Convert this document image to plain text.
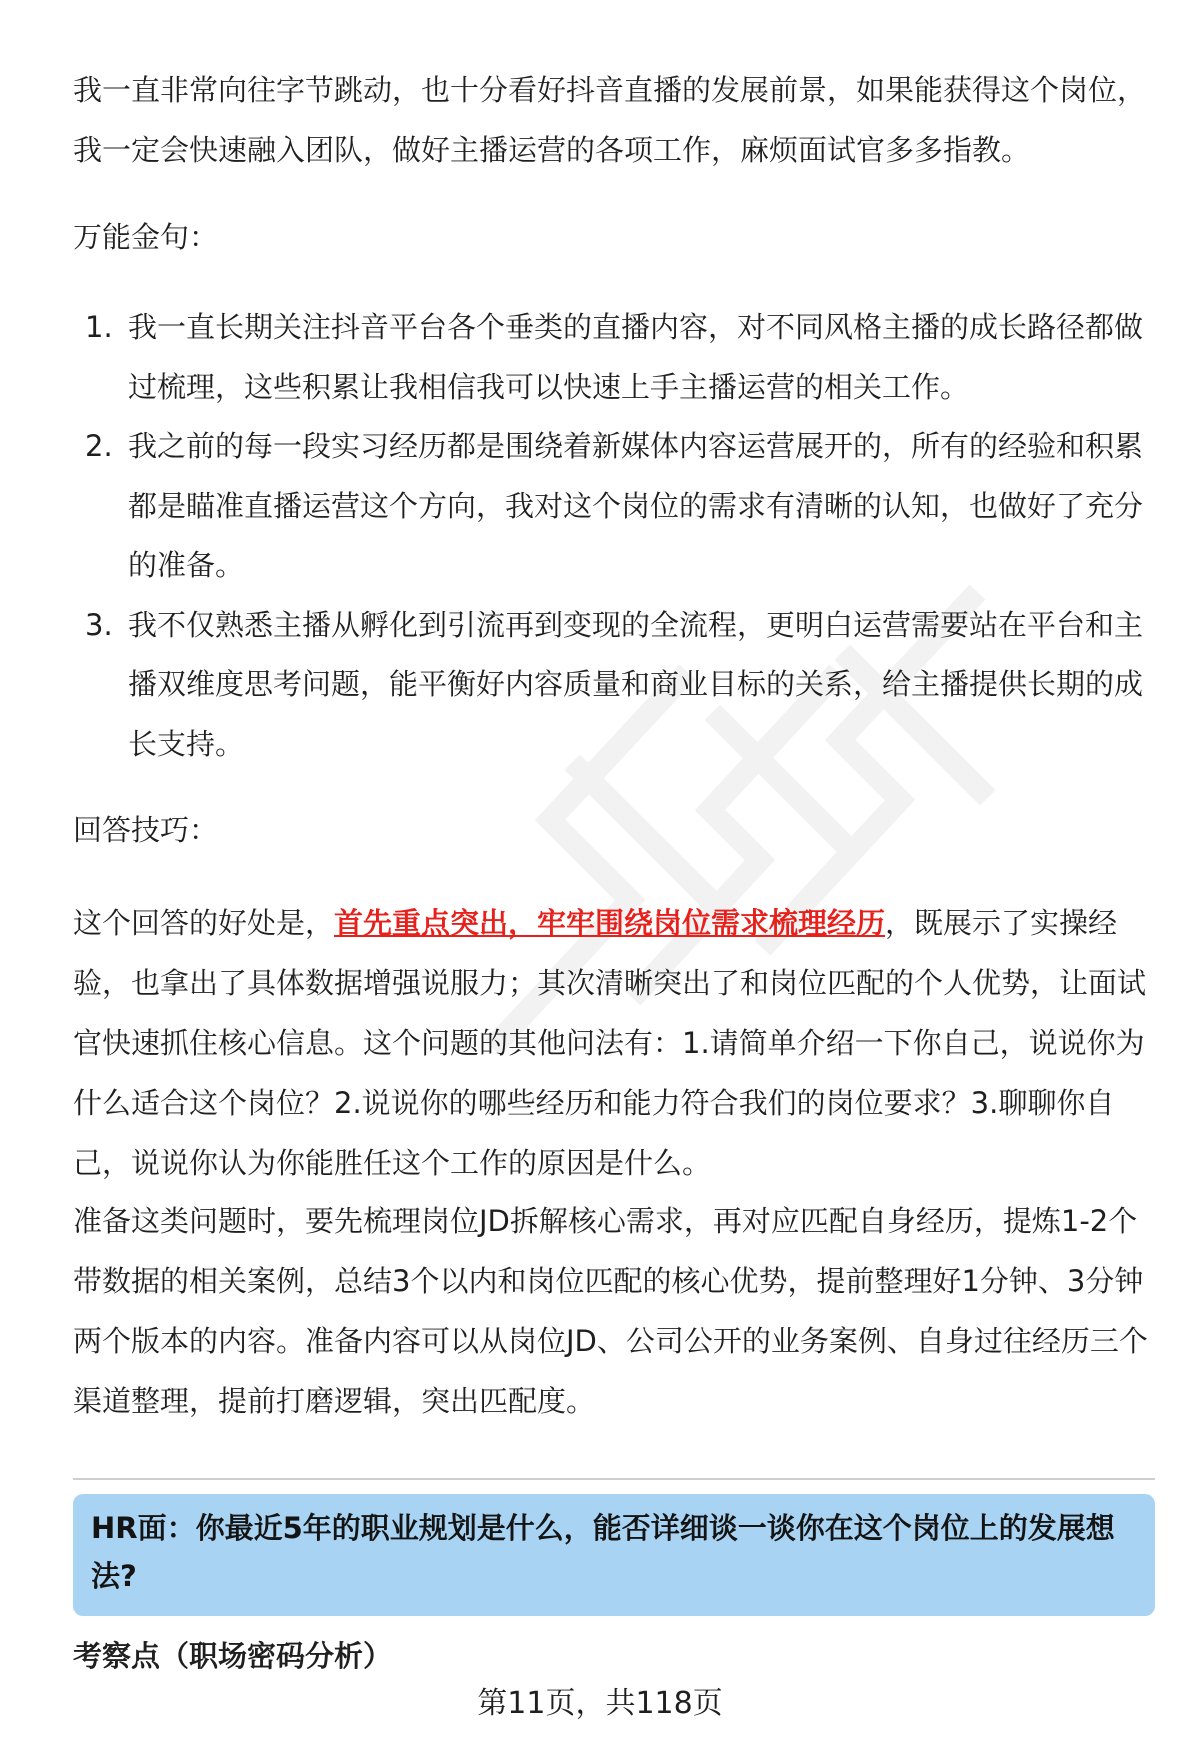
我一直非常向往字节跳动，也十分看好抖音直播的发展前景，如果能获得这个岗位，我一定会快速融入团队，做好主播运营的各项工作，麻烦面试官多多指教。

万能金句：

1. 我一直长期关注抖音平台各个垂类的直播内容，对不同风格主播的成长路径都做过梳理，这些积累让我相信我可以快速上手主播运营的相关工作。
2. 我之前的每一段实习经历都是围绕着新媒体内容运营展开的，所有的经验和积累都是瞄准直播运营这个方向，我对这个岗位的需求有清晰的认知，也做好了充分的准备。
3. 我不仅熟悉主播从孵化到引流再到变现的全流程，更明白运营需要站在平台和主播双维度思考问题，能平衡好内容质量和商业目标的关系，给主播提供长期的成长支持。

回答技巧：

这个回答的好处是，首先重点突出，牢牢围绕岗位需求梳理经历，既展示了实操经验，也拿出了具体数据增强说服力；其次清晰突出了和岗位匹配的个人优势，让面试官快速抓住核心信息。这个问题的其他问法有：1.请简单介绍一下你自己，说说你为什么适合这个岗位？2.说说你的哪些经历和能力符合我们的岗位要求？3.聊聊你自己，说说你认为你能胜任这个工作的原因是什么。

准备这类问题时，要先梳理岗位JD拆解核心需求，再对应匹配自身经历，提炼1-2个带数据的相关案例，总结3个以内和岗位匹配的核心优势，提前整理好1分钟、3分钟两个版本的内容。准备内容可以从岗位JD、公司公开的业务案例、自身过往经历三个渠道整理，提前打磨逻辑，突出匹配度。

HR面：你最近5年的职业规划是什么，能否详细谈一谈你在这个岗位上的发展想法?
考察点（职场密码分析）
第11页，共118页
